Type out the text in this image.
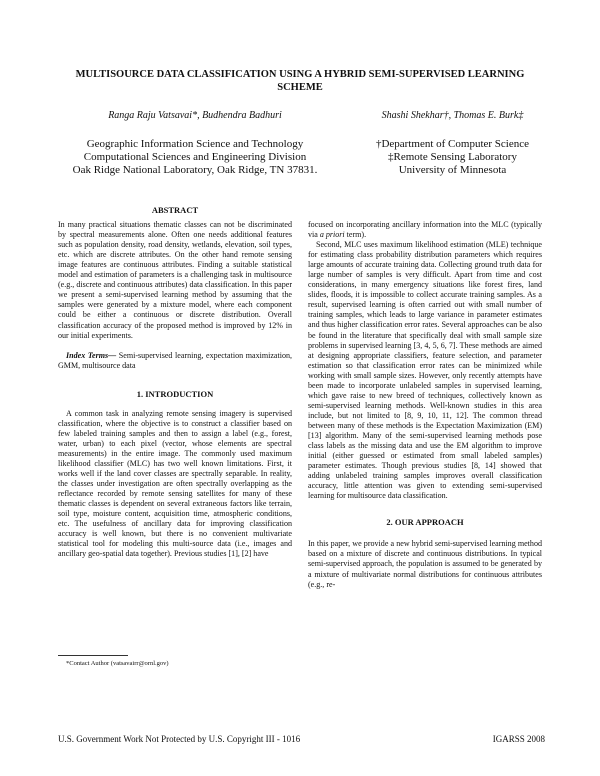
MULTISOURCE DATA CLASSIFICATION USING A HYBRID SEMI-SUPERVISED LEARNING SCHEME
Ranga Raju Vatsavai*, Budhendra Badhuri	Shashi Shekhar†, Thomas E. Burk‡
Geographic Information Science and Technology
Computational Sciences and Engineering Division
Oak Ridge National Laboratory, Oak Ridge, TN 37831.
†Department of Computer Science
‡Remote Sensing Laboratory
University of Minnesota
ABSTRACT

In many practical situations thematic classes can not be discriminated by spectral measurements alone. Often one needs additional features such as population density, road density, wetlands, elevation, soil types, etc. which are discrete attributes. On the other hand remote sensing image features are continuous attributes. Finding a suitable statistical model and estimation of parameters is a challenging task in multisource (e.g., discrete and continuous attributes) data classification. In this paper we present a semi-supervised learning method by assuming that the samples were generated by a mixture model, where each component could be either a continuous or discrete distribution. Overall classification accuracy of the proposed method is improved by 12% in our initial experiments.

Index Terms— Semi-supervised learning, expectation maximization, GMM, multisource data

1. INTRODUCTION

A common task in analyzing remote sensing imagery is supervised classification, where the objective is to construct a classifier based on few labeled training samples and then to assign a label (e.g., forest, water, urban) to each pixel (vector, whose elements are spectral measurements) in the entire image. The commonly used maximum likelihood classifier (MLC) has two well known limitations. First, it works well if the land cover classes are spectrally separable. In reality, the classes under investigation are often spectrally overlapping as the reflectance recorded by remote sensing satellites for many of these thematic classes is dependent on several extraneous factors like terrain, soil type, moisture content, acquisition time, atmospheric conditions, etc. The usefulness of ancillary data for improving classification accuracy is well known, but there is no convenient multivariate statistical tool for modeling this multi-source data (i.e., images and ancillary geo-spatial data together). Previous studies [1], [2] have

*Contact Author (vatsavairr@ornl.gov)

focused on incorporating ancillary information into the MLC (typically via a priori term).

Second, MLC uses maximum likelihood estimation (MLE) technique for estimating class probability distribution parameters which requires large amounts of accurate training data. Collecting ground truth data for large number of samples is very difficult. Apart from time and cost considerations, in many emergency situations like forest fires, land slides, floods, it is impossible to collect accurate training samples. As a result, supervised learning is often carried out with small number of training samples, which leads to large variance in parameter estimates and thus higher classification error rates. Several approaches can be also be found in the literature that specifically deal with small sample size problems in supervised learning [3, 4, 5, 6, 7]. These methods are aimed at designing appropriate classifiers, feature selection, and parameter estimation so that classification error rates can be minimized while working with small sample sizes. However, only recently attempts have been made to incorporate unlabeled samples in supervised learning, which gave raise to new breed of techniques, collectively known as semi-supervised learning methods. Well-known studies in this area include, but not limited to [8, 9, 10, 11, 12]. The common thread between many of these methods is the Expectation Maximization (EM) [13] algorithm. Many of the semi-supervised learning methods pose class labels as the missing data and use the EM algorithm to improve initial (either guessed or estimated from small labeled samples) parameter estimates. Though previous studies [8, 14] showed that adding unlabeled training samples improves overall classification accuracy, little attention was given to extending semi-supervised learning for multisource data classification.

2. OUR APPROACH

In this paper, we provide a new hybrid semi-supervised learning method based on a mixture of discrete and continuous distributions. In typical semi-supervised approach, the population is assumed to be generated by a mixture of multivariate normal distributions for continuous attributes (e.g., re-

U.S. Government Work Not Protected by U.S. Copyright III - 1016	IGARSS 2008
